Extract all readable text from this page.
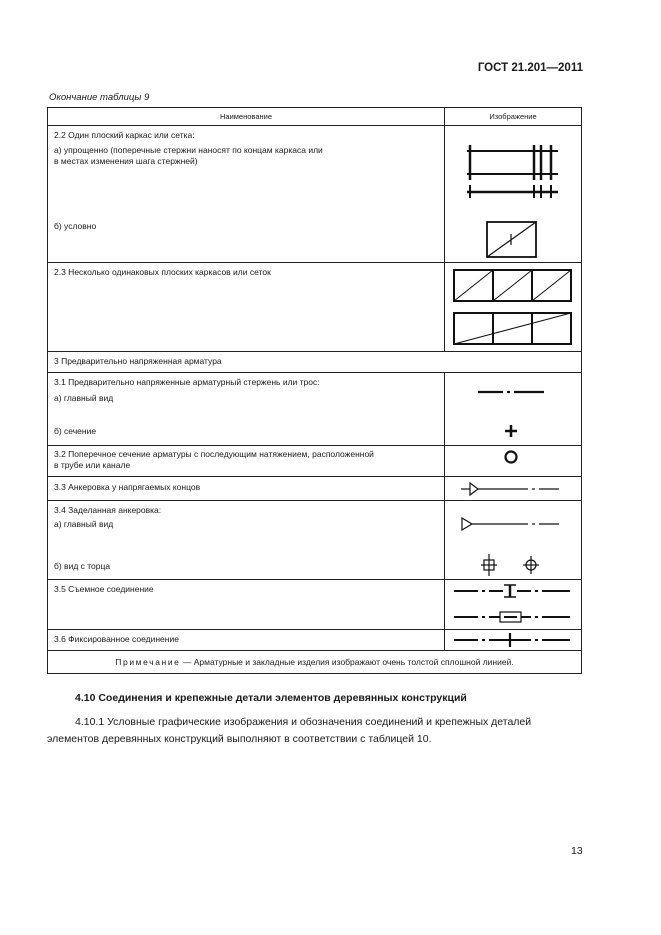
ГОСТ 21.201—2011
Окончание таблицы 9
Наименование	Изображение

2.2 Один плоский каркас или сетка:
а) упрощенно (поперечные стержни наносят по концам каркаса или
в местах изменения шага стержней)
б) условно

2.3 Несколько одинаковых плоских каркасов или сеток

3 Предварительно напряженная арматура	

3.1 Предварительно напряженные арматурный стержень или трос:
а) главный вид
б) сечение

3.2 Поперечное сечение арматуры с последующим натяжением, расположенной
в трубе или канале

3.3 Анкеровка у напрягаемых концов

3.4 Заделанная анкеровка:
а) главный вид
б) вид с торца

3.5 Съемное соединение

3.6 Фиксированное соединение

Примечание — Арматурные и закладные изделия изображают очень толстой сплошной линией.	
4.10 Соединения и крепежные детали элементов деревянных конструкций
4.10.1 Условные графические изображения и обозначения соединений и крепежных деталей элементов деревянных конструкций выполняют в соответствии с таблицей 10.
13
